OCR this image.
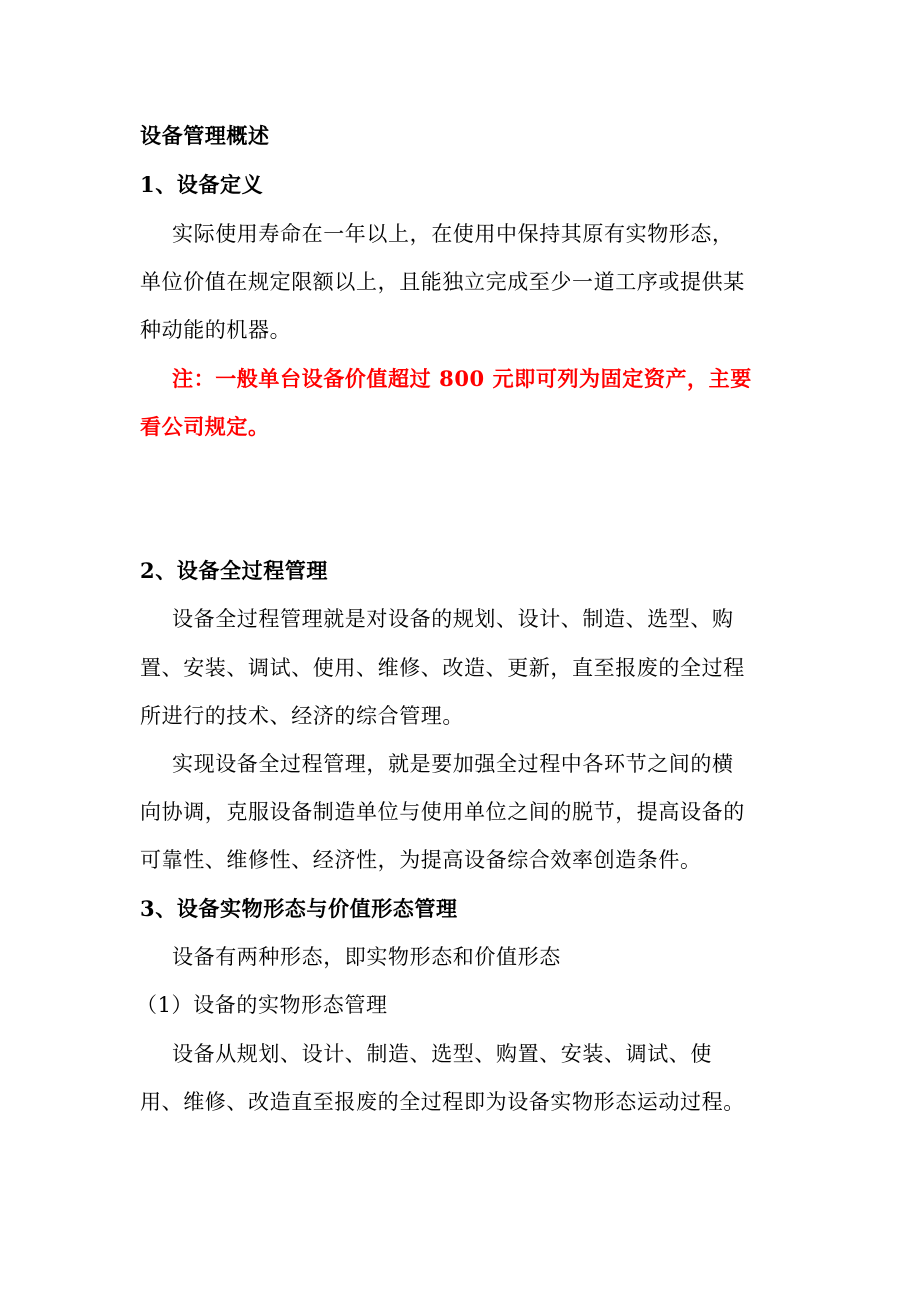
设备管理概述
1、设备定义
实际使用寿命在一年以上，在使用中保持其原有实物形态，
单位价值在规定限额以上，且能独立完成至少一道工序或提供某
种动能的机器。
注：一般单台设备价值超过 800 元即可列为固定资产，主要
看公司规定。
2、设备全过程管理
设备全过程管理就是对设备的规划、设计、制造、选型、购
置、安装、调试、使用、维修、改造、更新，直至报废的全过程
所进行的技术、经济的综合管理。
实现设备全过程管理，就是要加强全过程中各环节之间的横
向协调，克服设备制造单位与使用单位之间的脱节，提高设备的
可靠性、维修性、经济性，为提高设备综合效率创造条件。
3、设备实物形态与价值形态管理
设备有两种形态，即实物形态和价值形态
（1）设备的实物形态管理
设备从规划、设计、制造、选型、购置、安装、调试、使
用、维修、改造直至报废的全过程即为设备实物形态运动过程。
